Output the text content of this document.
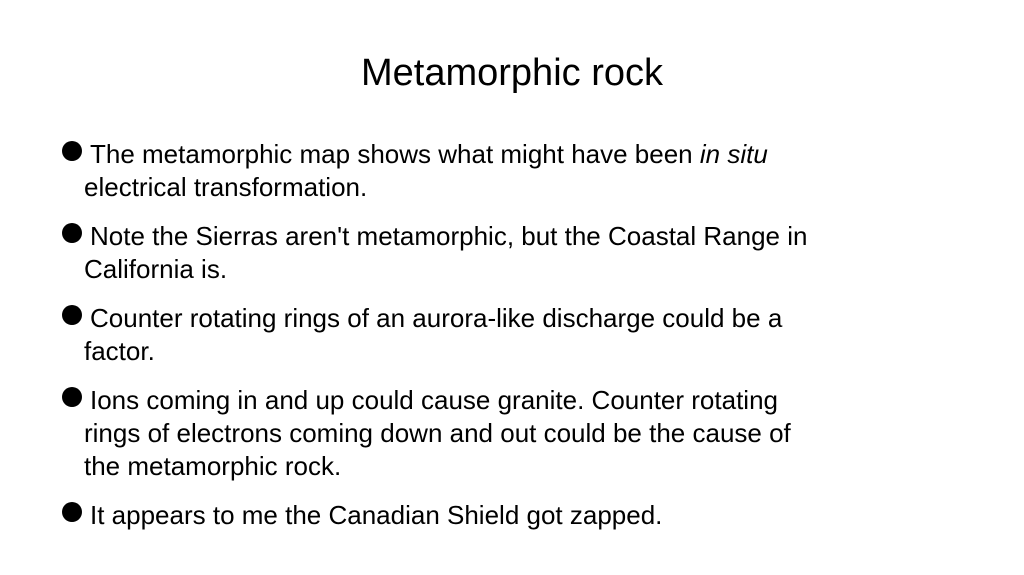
Metamorphic rock
The metamorphic map shows what might have been in situ
electrical transformation.
Note the Sierras aren't metamorphic, but the Coastal Range in
California is.
Counter rotating rings of an aurora-like discharge could be a
factor.
Ions coming in and up could cause granite. Counter rotating
rings of electrons coming down and out could be the cause of
the metamorphic rock.
It appears to me the Canadian Shield got zapped.
